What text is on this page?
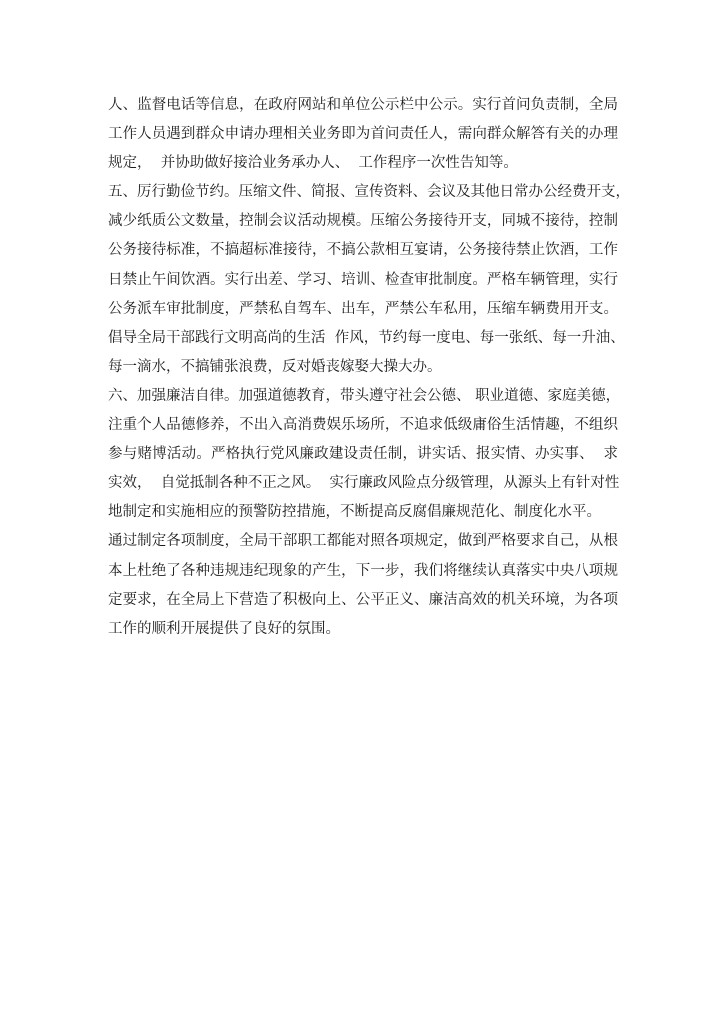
人、监督电话等信息，在政府网站和单位公示栏中公示。实行首问负责制，全局
工作人员遇到群众申请办理相关业务即为首问责任人，需向群众解答有关的办理
规定，  并协助做好接洽业务承办人、  工作程序一次性告知等。
五、厉行勤俭节约。压缩文件、简报、宣传资料、会议及其他日常办公经费开支，
减少纸质公文数量，控制会议活动规模。压缩公务接待开支，同城不接待，控制
公务接待标准，不搞超标准接待，不搞公款相互宴请，公务接待禁止饮酒，工作
日禁止午间饮酒。实行出差、学习、培训、检查审批制度。严格车辆管理，实行
公务派车审批制度，严禁私自驾车、出车，严禁公车私用，压缩车辆费用开支。
倡导全局干部践行文明高尚的生活  作风，节约每一度电、每一张纸、每一升油、
每一滴水，不搞铺张浪费，反对婚丧嫁娶大操大办。
六、加强廉洁自律。加强道德教育，带头遵守社会公德、 职业道德、家庭美德，
注重个人品德修养，不出入高消费娱乐场所，不追求低级庸俗生活情趣，不组织
参与赌博活动。严格执行党风廉政建设责任制，讲实话、报实情、办实事、  求
实效，  自觉抵制各种不正之风。  实行廉政风险点分级管理，从源头上有针对性
地制定和实施相应的预警防控措施，不断提高反腐倡廉规范化、制度化水平。
通过制定各项制度，全局干部职工都能对照各项规定，做到严格要求自己，从根
本上杜绝了各种违规违纪现象的产生，下一步，我们将继续认真落实中央八项规
定要求，在全局上下营造了积极向上、公平正义、廉洁高效的机关环境，为各项
工作的顺利开展提供了良好的氛围。
